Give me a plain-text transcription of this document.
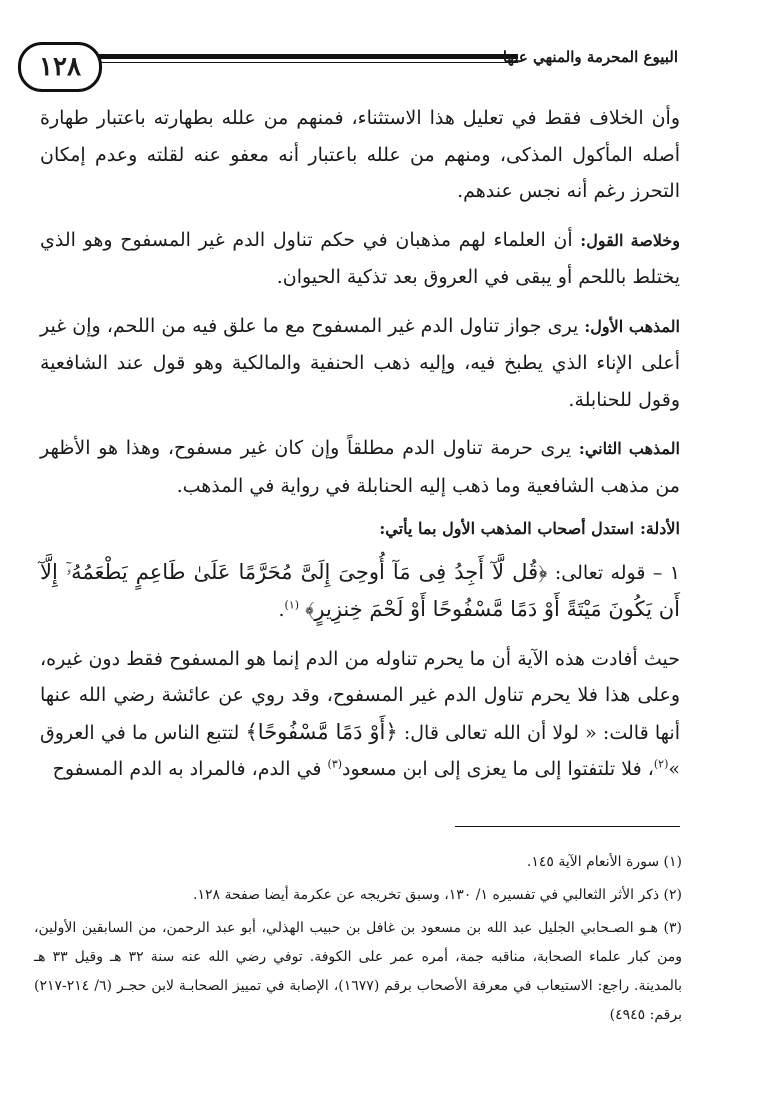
١٢٨	البيوع المحرمة والمنهي عنها

وأن الخلاف فقط في تعليل هذا الاستثناء، فمنهم من علله بطهارته باعتبار طهارة أصله المأكول المذكى، ومنهم من علله باعتبار أنه معفو عنه لقلته وعدم إمكان التحرز رغم أنه نجس عندهم.

وخلاصة القول: أن العلماء لهم مذهبان في حكم تناول الدم غير المسفوح وهو الذي يختلط باللحم أو يبقى في العروق بعد تذكية الحيوان.

المذهب الأول: يرى جواز تناول الدم غير المسفوح مع ما علق فيه من اللحم، وإن غير أعلى الإناء الذي يطبخ فيه، وإليه ذهب الحنفية والمالكية وهو قول عند الشافعية وقول للحنابلة.

المذهب الثاني: يرى حرمة تناول الدم مطلقاً وإن كان غير مسفوح، وهذا هو الأظهر من مذهب الشافعية وما ذهب إليه الحنابلة في رواية في المذهب.

الأدلة: استدل أصحاب المذهب الأول بما يأتي:

١ – قوله تعالى: ﴿قُل لَّآ أَجِدُ فِى مَآ أُوحِىَ إِلَىَّ مُحَرَّمًا عَلَىٰ طَاعِمٍ يَطْعَمُهُۥٓ إِلَّآ أَن يَكُونَ مَيْتَةً أَوْ دَمًا مَّسْفُوحًا أَوْ لَحْمَ خِنزِيرٍ﴾ $^{(١)}$.

حيث أفادت هذه الآية أن ما يحرم تناوله من الدم إنما هو المسفوح فقط دون غيره، وعلى هذا فلا يحرم تناول الدم غير المسفوح، وقد روي عن عائشة رضي الله عنها أنها قالت: « لولا أن الله تعالى قال: ﴿أَوْ دَمًا مَّسْفُوحًا﴾ لتتبع الناس ما في العروق »$^{(٢)}$، فلا تلتفتوا إلى ما يعزى إلى ابن مسعود$^{(٣)}$ في الدم، فالمراد به الدم المسفوح

(١) سورة الأنعام الآية ١٤٥.

(٢) ذكر الأثر الثعالبي في تفسيره ١/ ١٣٠، وسبق تخريجه عن عكرمة أيضا صفحة ١٢٨.

(٣) هـو الصـحابي الجليل عبد الله بن مسعود بن غافل بن حبيب الهذلي، أبو عبد الرحمن، من السابقين الأولين، ومن كبار علماء الصحابة، مناقبه جمة، أمره عمر على الكوفة. توفي رضي الله عنه سنة ٣٢ هـ وقيل ٣٣ هـ بالمدينة. راجع: الاستيعاب في معرفة الأصحاب برقم (١٦٧٧)، الإصابة في تمييز الصحابـة لابن حجـر (٦/ ٢١٤-٢١٧) برقم: ٤٩٤٥)
